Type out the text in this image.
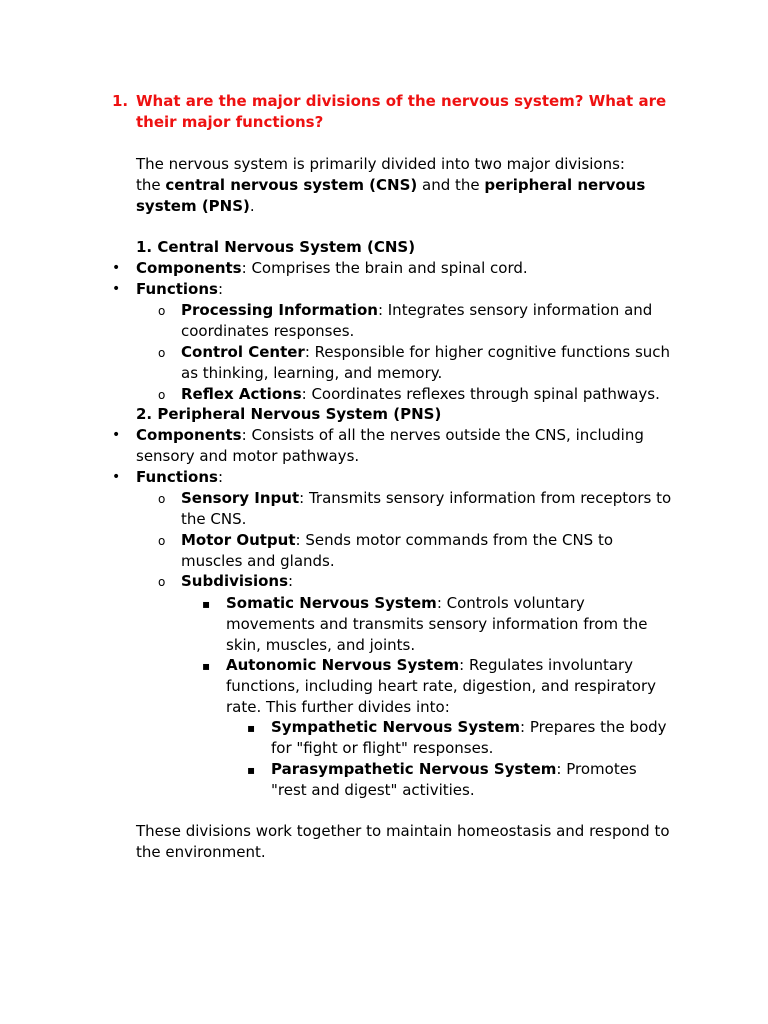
1. What are the major divisions of the nervous system? What are
their major functions?
The nervous system is primarily divided into two major divisions:
the central nervous system (CNS) and the peripheral nervous
system (PNS).
1. Central Nervous System (CNS)
• Components: Comprises the brain and spinal cord.
• Functions:
o Processing Information: Integrates sensory information and
coordinates responses.
o Control Center: Responsible for higher cognitive functions such
as thinking, learning, and memory.
o Reflex Actions: Coordinates reflexes through spinal pathways.
2. Peripheral Nervous System (PNS)
• Components: Consists of all the nerves outside the CNS, including
sensory and motor pathways.
• Functions:
o Sensory Input: Transmits sensory information from receptors to
the CNS.
o Motor Output: Sends motor commands from the CNS to
muscles and glands.
o Subdivisions:
▪ Somatic Nervous System: Controls voluntary
movements and transmits sensory information from the
skin, muscles, and joints.
▪ Autonomic Nervous System: Regulates involuntary
functions, including heart rate, digestion, and respiratory
rate. This further divides into:
▪ Sympathetic Nervous System: Prepares the body
for "fight or flight" responses.
▪ Parasympathetic Nervous System: Promotes
"rest and digest" activities.
These divisions work together to maintain homeostasis and respond to
the environment.
